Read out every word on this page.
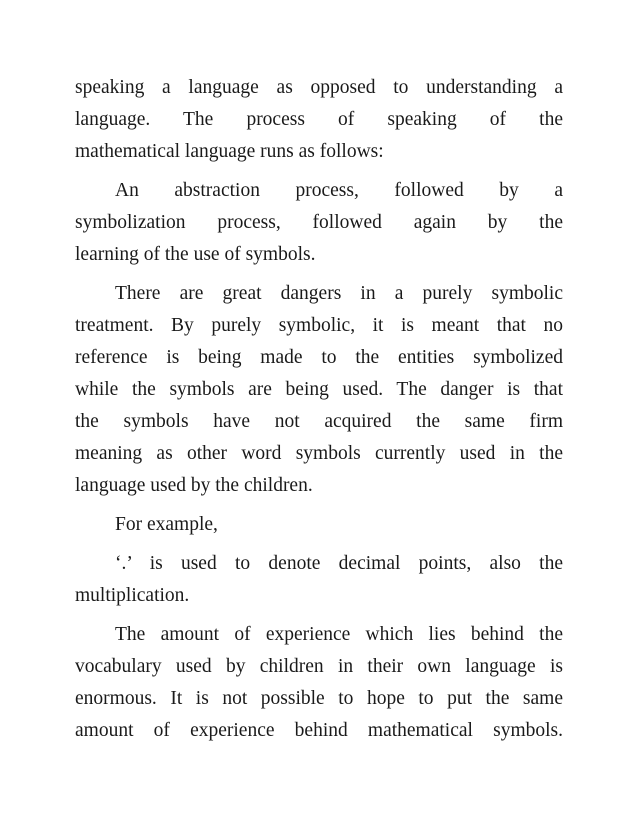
speaking a language as opposed to understanding a
language. The process of speaking of the
mathematical language runs as follows:
An abstraction process, followed by a
symbolization process, followed again by the
learning of the use of symbols.
There are great dangers in a purely symbolic
treatment. By purely symbolic, it is meant that no
reference is being made to the entities symbolized
while the symbols are being used. The danger is that
the symbols have not acquired the same firm
meaning as other word symbols currently used in the
language used by the children.
For example,
‘.’ is used to denote decimal points, also the
multiplication.
The amount of experience which lies behind the
vocabulary used by children in their own language is
enormous. It is not possible to hope to put the same
amount of experience behind mathematical symbols.
